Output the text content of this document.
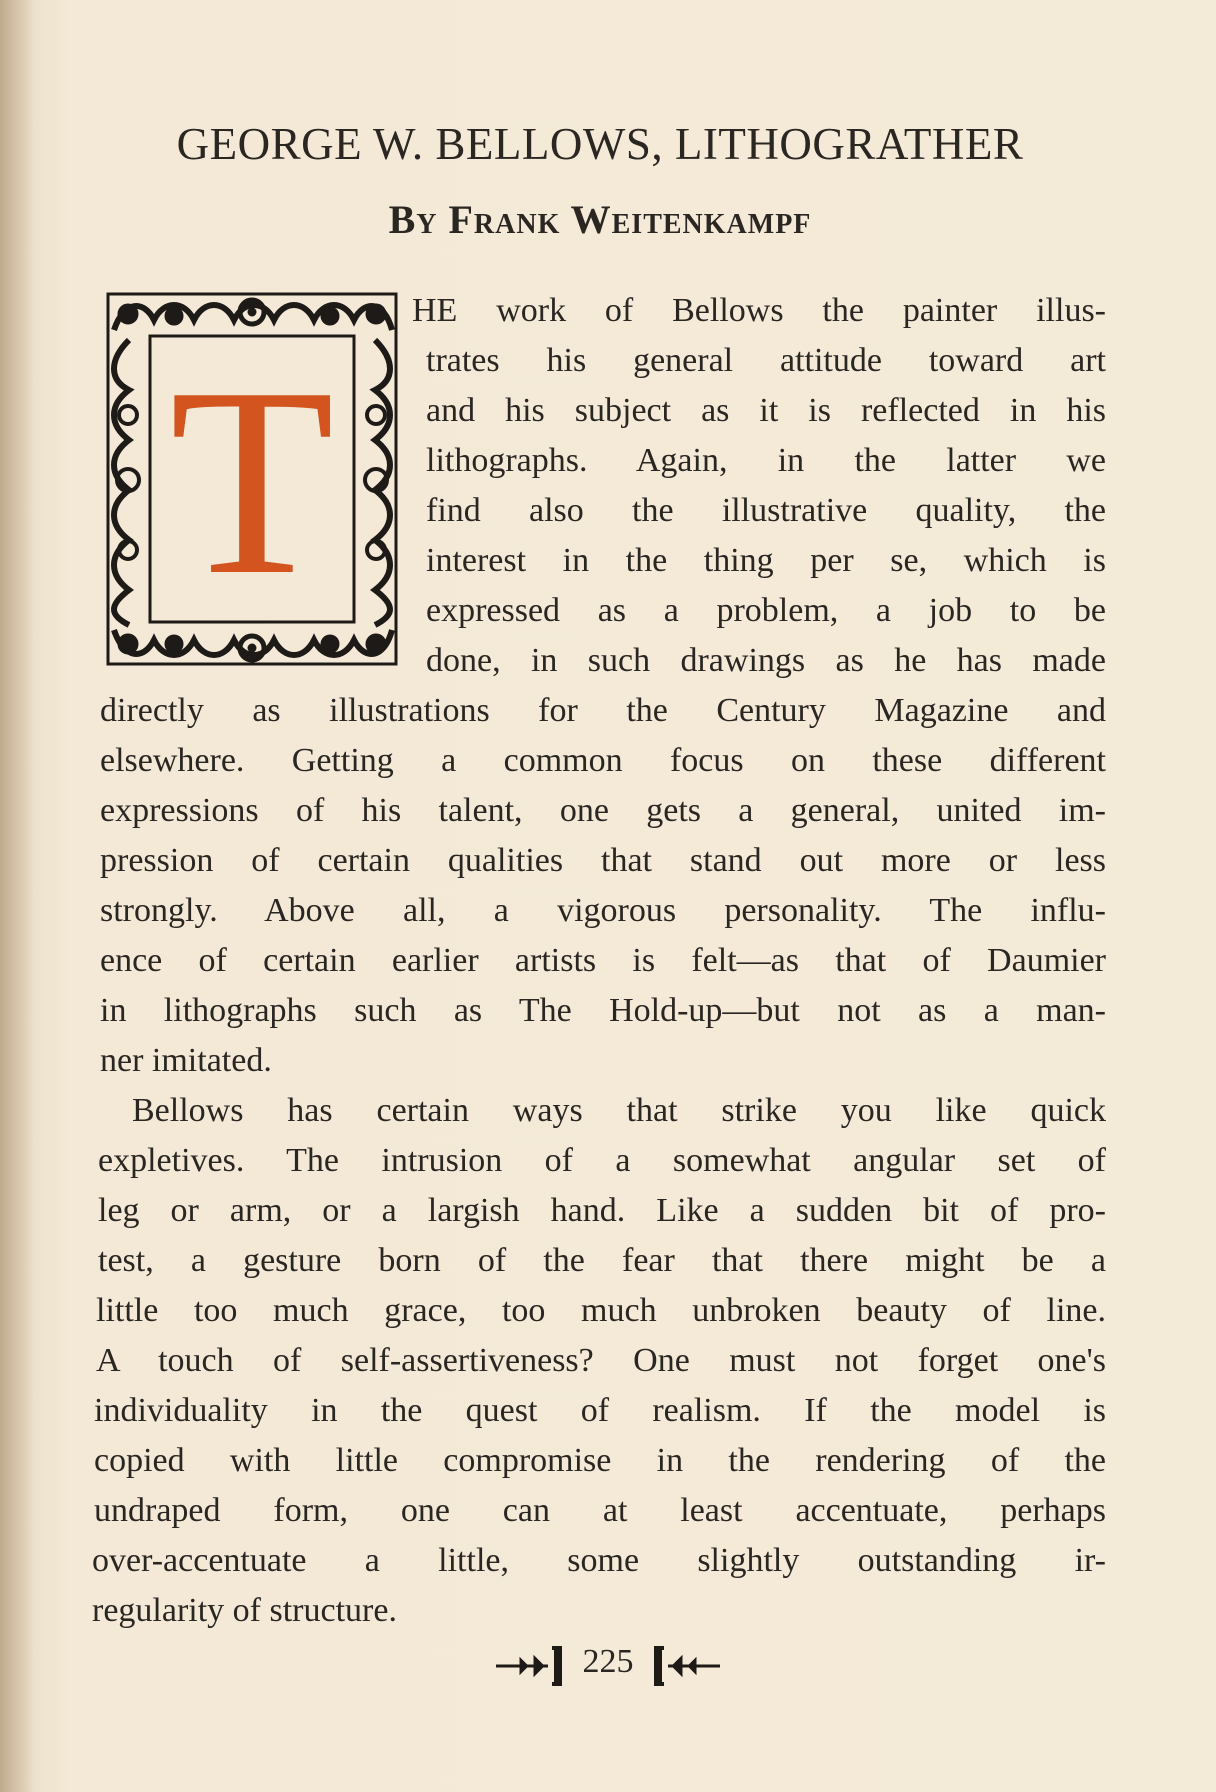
GEORGE W. BELLOWS, LITHOGRATHER
By Frank Weitenkampf
T
HE work of Bellows the painter illus-
trates his general attitude toward art
and his subject as it is reflected in his
lithographs. Again, in the latter we
find also the illustrative quality, the
interest in the thing per se, which is
expressed as a problem, a job to be
done, in such drawings as he has made
directly as illustrations for the Century Magazine and
elsewhere. Getting a common focus on these different
expressions of his talent, one gets a general, united im-
pression of certain qualities that stand out more or less
strongly. Above all, a vigorous personality. The influ-
ence of certain earlier artists is felt—as that of Daumier
in lithographs such as The Hold-up—but not as a man-
ner imitated.
Bellows has certain ways that strike you like quick
expletives. The intrusion of a somewhat angular set of
leg or arm, or a largish hand. Like a sudden bit of pro-
test, a gesture born of the fear that there might be a
little too much grace, too much unbroken beauty of line.
A touch of self-assertiveness? One must not forget one's
individuality in the quest of realism. If the model is
copied with little compromise in the rendering of the
undraped form, one can at least accentuate, perhaps
over-accentuate a little, some slightly outstanding ir-
regularity of structure.
225
